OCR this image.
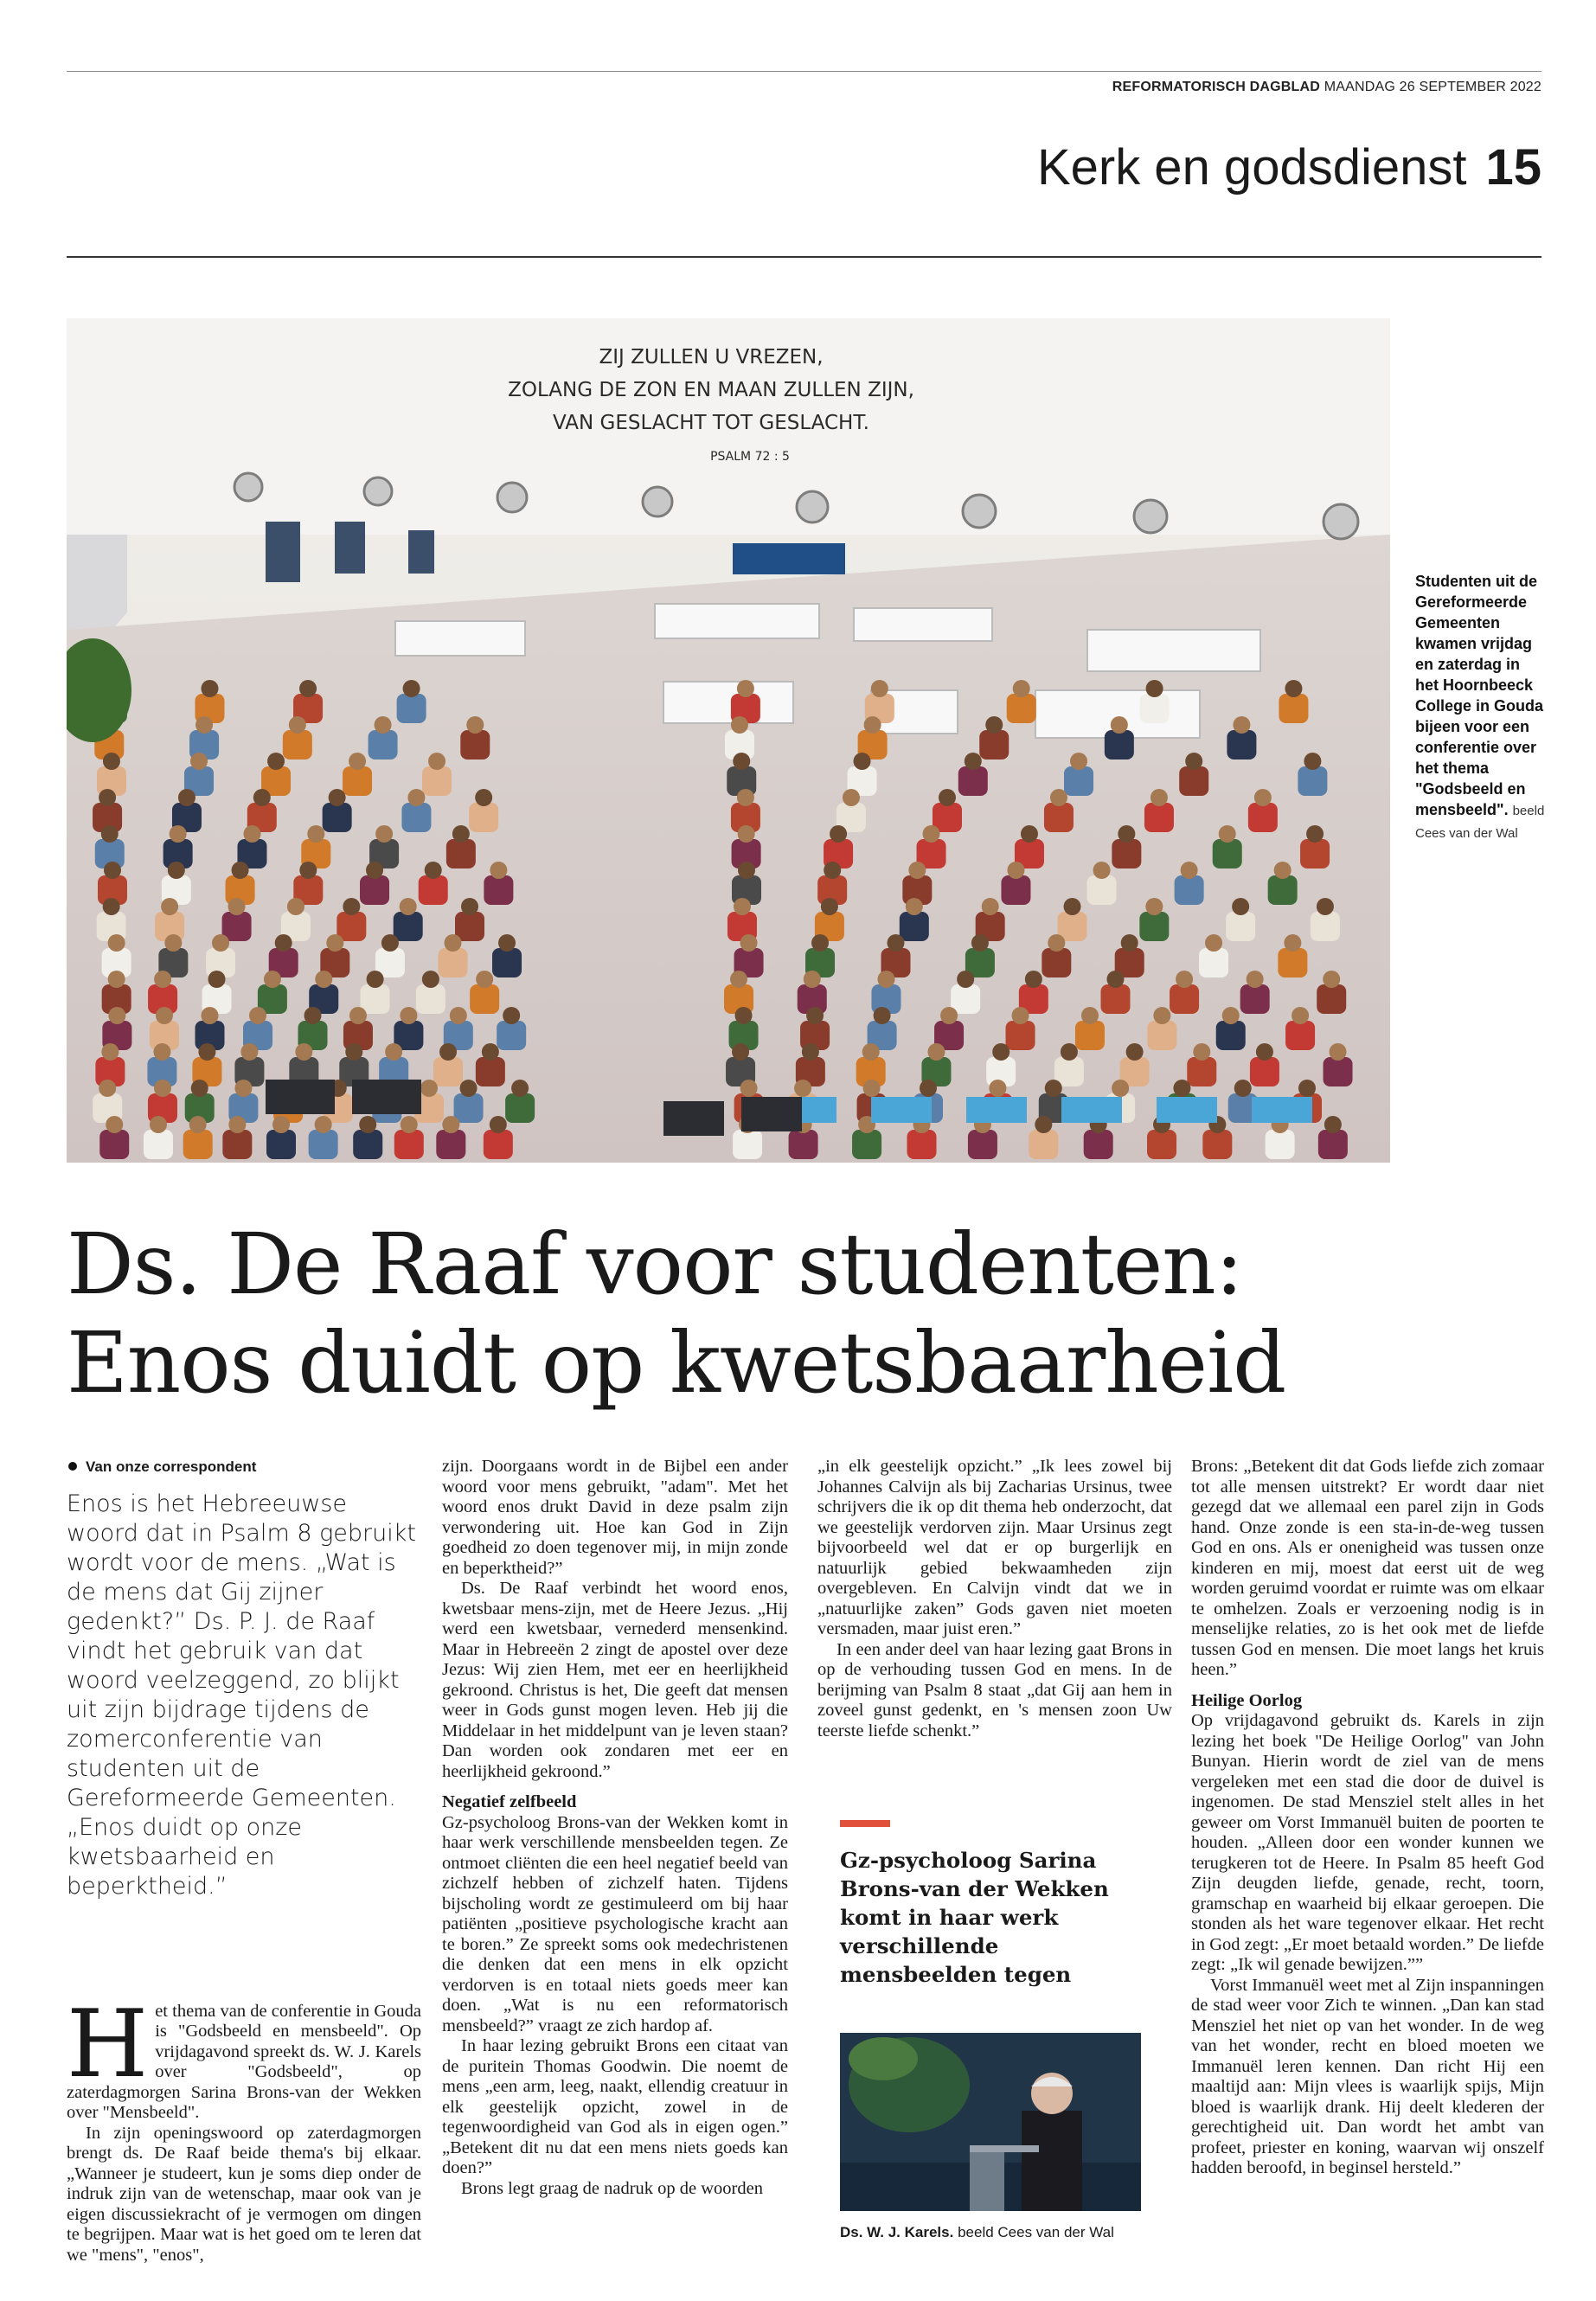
REFORMATORISCH DAGBLAD MAANDAG 26 SEPTEMBER 2022
Kerk en godsdienst 15
ZIJ ZULLEN U VREZEN,
ZOLANG DE ZON EN MAAN ZULLEN ZIJN,
VAN GESLACHT TOT GESLACHT.
PSALM 72 : 5
Studenten uit de Gereformeerde Gemeenten kwamen vrijdag en zaterdag in het Hoornbeeck College in Gouda bijeen voor een conferentie over het thema "Godsbeeld en mensbeeld". beeld Cees van der Wal
Ds. De Raaf voor studenten:
Enos duidt op kwetsbaarheid
Van onze correspondent
Enos is het Hebreeuwse woord dat in Psalm 8 gebruikt wordt voor de mens. „Wat is de mens dat Gij zijner gedenkt?” Ds. P. J. de Raaf vindt het gebruik van dat woord veelzeggend, zo blijkt uit zijn bijdrage tijdens de zomerconferentie van studenten uit de Gereformeerde Gemeenten. „Enos duidt op onze kwetsbaarheid en beperktheid.”

Het thema van de conferentie in Gouda is "Godsbeeld en mensbeeld". Op vrijdagavond spreekt ds. W. J. Karels over "Godsbeeld", op zaterdagmorgen Sarina Brons-van der Wekken over "Mensbeeld".

In zijn openingswoord op zaterdagmorgen brengt ds. De Raaf beide thema's bij elkaar. „Wanneer je studeert, kun je soms diep onder de indruk zijn van de wetenschap, maar ook van je eigen discussiekracht of je vermogen om dingen te begrijpen. Maar wat is het goed om te leren dat we "mens", "enos",

zijn. Doorgaans wordt in de Bijbel een ander woord voor mens gebruikt, "adam". Met het woord enos drukt David in deze psalm zijn verwondering uit. Hoe kan God in Zijn goedheid zo doen tegenover mij, in mijn zonde en beperktheid?”

Ds. De Raaf verbindt het woord enos, kwetsbaar mens-zijn, met de Heere Jezus. „Hij werd een kwetsbaar, vernederd mensenkind. Maar in Hebreeën 2 zingt de apostel over deze Jezus: Wij zien Hem, met eer en heerlijkheid gekroond. Christus is het, Die geeft dat mensen weer in Gods gunst mogen leven. Heb jij die Middelaar in het middelpunt van je leven staan? Dan worden ook zondaren met eer en heerlijkheid gekroond.”

Negatief zelfbeeld

Gz-psycholoog Brons-van der Wekken komt in haar werk verschillende mensbeelden tegen. Ze ontmoet cliënten die een heel negatief beeld van zichzelf hebben of zichzelf haten. Tijdens bijscholing wordt ze gestimuleerd om bij haar patiënten „positieve psychologische kracht aan te boren.” Ze spreekt soms ook medechristenen die denken dat een mens in elk opzicht verdorven is en totaal niets goeds meer kan doen. „Wat is nu een reformatorisch mensbeeld?” vraagt ze zich hardop af.

In haar lezing gebruikt Brons een citaat van de puritein Thomas Goodwin. Die noemt de mens „een arm, leeg, naakt, ellendig creatuur in elk geestelijk opzicht, zowel in de tegenwoordigheid van God als in eigen ogen.” „Betekent dit nu dat een mens niets goeds kan doen?”

Brons legt graag de nadruk op de woorden

„in elk geestelijk opzicht.” „Ik lees zowel bij Johannes Calvijn als bij Zacharias Ursinus, twee schrijvers die ik op dit thema heb onderzocht, dat we geestelijk verdorven zijn. Maar Ursinus zegt bijvoorbeeld wel dat er op burgerlijk en natuurlijk gebied bekwaamheden zijn overgebleven. En Calvijn vindt dat we in „natuurlijke zaken” Gods gaven niet moeten versmaden, maar juist eren.”

In een ander deel van haar lezing gaat Brons in op de verhouding tussen God en mens. In de berijming van Psalm 8 staat „dat Gij aan hem in zoveel gunst gedenkt, en 's mensen zoon Uw teerste liefde schenkt.”

Gz-psycholoog Sarina Brons-van der Wekken komt in haar werk verschillende mensbeelden tegen
Ds. W. J. Karels. beeld Cees van der Wal

Brons: „Betekent dit dat Gods liefde zich zomaar tot alle mensen uitstrekt? Er wordt daar niet gezegd dat we allemaal een parel zijn in Gods hand. Onze zonde is een sta-in-de-weg tussen God en ons. Als er onenigheid was tussen onze kinderen en mij, moest dat eerst uit de weg worden geruimd voordat er ruimte was om elkaar te omhelzen. Zoals er verzoening nodig is in menselijke relaties, zo is het ook met de liefde tussen God en mensen. Die moet langs het kruis heen.”

Heilige Oorlog

Op vrijdagavond gebruikt ds. Karels in zijn lezing het boek "De Heilige Oorlog" van John Bunyan. Hierin wordt de ziel van de mens vergeleken met een stad die door de duivel is ingenomen. De stad Mensziel stelt alles in het geweer om Vorst Immanuël buiten de poorten te houden. „Alleen door een wonder kunnen we terugkeren tot de Heere. In Psalm 85 heeft God Zijn deugden liefde, genade, recht, toorn, gramschap en waarheid bij elkaar geroepen. Die stonden als het ware tegenover elkaar. Het recht in God zegt: „Er moet betaald worden.” De liefde zegt: „Ik wil genade bewijzen.””

Vorst Immanuël weet met al Zijn inspanningen de stad weer voor Zich te winnen. „Dan kan stad Mensziel het niet op van het wonder. In de weg van het wonder, recht en bloed moeten we Immanuël leren kennen. Dan richt Hij een maaltijd aan: Mijn vlees is waarlijk spijs, Mijn bloed is waarlijk drank. Hij deelt klederen der gerechtigheid uit. Dan wordt het ambt van profeet, priester en koning, waarvan wij onszelf hadden beroofd, in beginsel hersteld.”
